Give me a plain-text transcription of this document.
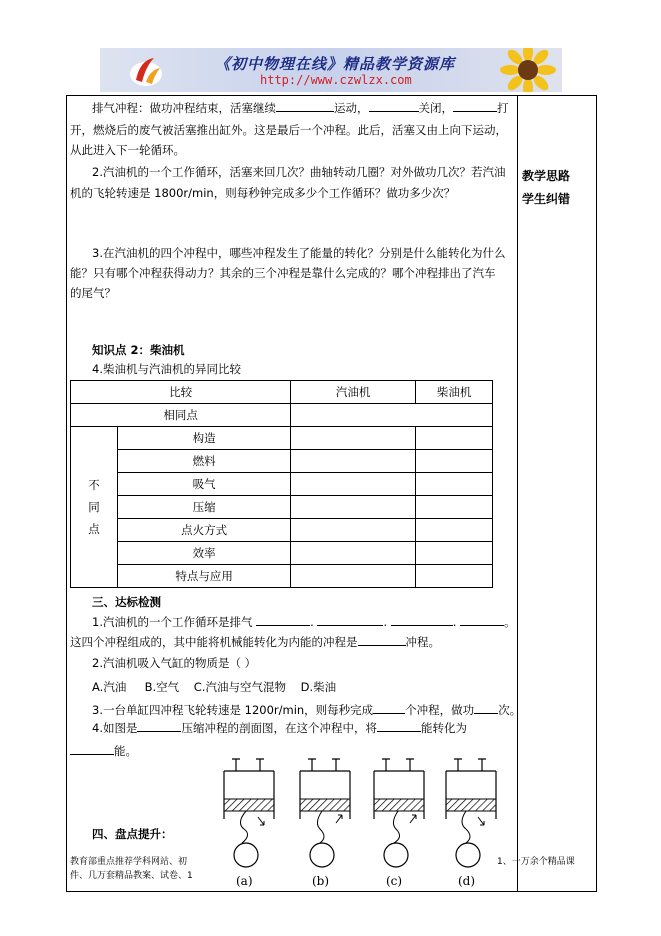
《初中物理在线》精品教学资源库
http://www.czwlzx.com
教学思路
学生纠错
排气冲程：做功冲程结束，活塞继续	运动，	关闭，	打
开，燃烧后的废气被活塞推出缸外。这是最后一个冲程。此后，活塞又由上向下运动，
从此进入下一轮循环。
2.汽油机的一个工作循环，活塞来回几次？曲轴转动几圈？对外做功几次？若汽油
机的飞轮转速是 1800r/min，则每秒钟完成多少个工作循环？做功多少次？
3.在汽油机的四个冲程中，哪些冲程发生了能量的转化？分别是什么能转化为什么
能？只有哪个冲程获得动力？其余的三个冲程是靠什么完成的？哪个冲程排出了汽车
的尾气？
知识点 2：柴油机
4.柴油机与汽油机的异同比较
比较		汽油机	柴油机
相同点			

不
同
点	构造		
	燃料		
	吸气		
	压缩		
	点火方式		
	效率		
	特点与应用		
三、达标检测
1.汽油机的一个工作循环是排气	.	.	.	。
这四个冲程组成的，其中能将机械能转化为内能的冲程是	冲程。
2.汽油机吸入气缸的物质是（ ）
A.汽油 B.空气 C.汽油与空气混物 D.柴油
3.一台单缸四冲程飞轮转速是 1200r/min，则每秒完成	个冲程，做功 次。
4.如图是	压缩冲程的剖面图，在这个冲程中，将	能转化为
能。
四、盘点提升：
教育部重点推荐学科网站、初
件、几万套精品教案、试卷、1
1、一万余个精品课
(a)	(b)	(c)	(d)
